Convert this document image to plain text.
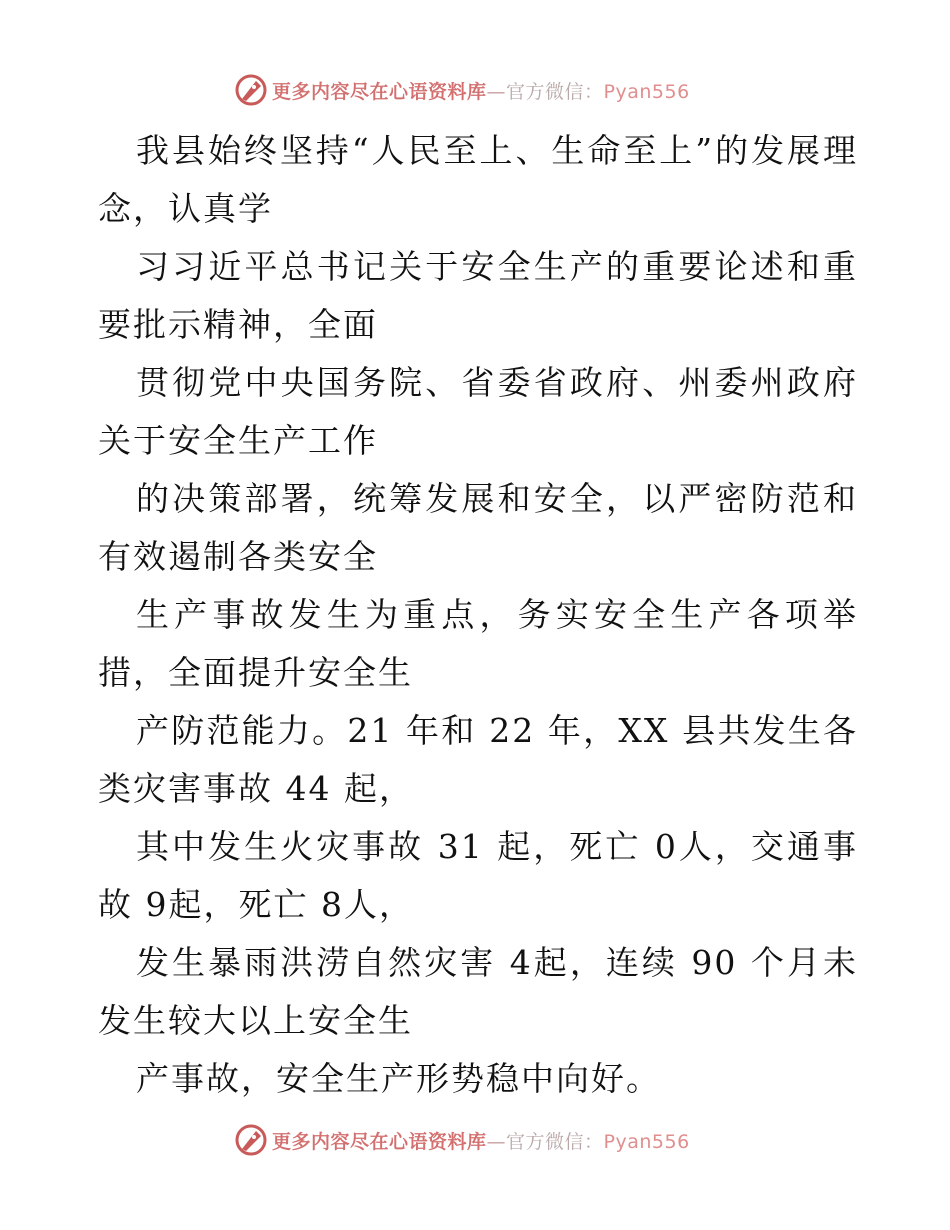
更多内容尽在心语资料库—官方微信：Pyan556

我县始终坚持“人民至上、生命至上”的发展理念，认真学

习习近平总书记关于安全生产的重要论述和重要批示精神，全面

贯彻党中央国务院、省委省政府、州委州政府关于安全生产工作

的决策部署，统筹发展和安全，以严密防范和有效遏制各类安全

生产事故发生为重点，务实安全生产各项举措，全面提升安全生

产防范能力。21 年和 22 年，XX 县共发生各类灾害事故 44 起，

其中发生火灾事故 31 起，死亡 0人，交通事故 9起，死亡 8人，

发生暴雨洪涝自然灾害 4起，连续 90 个月未发生较大以上安全生

产事故，安全生产形势稳中向好。

更多内容尽在心语资料库—官方微信：Pyan556
